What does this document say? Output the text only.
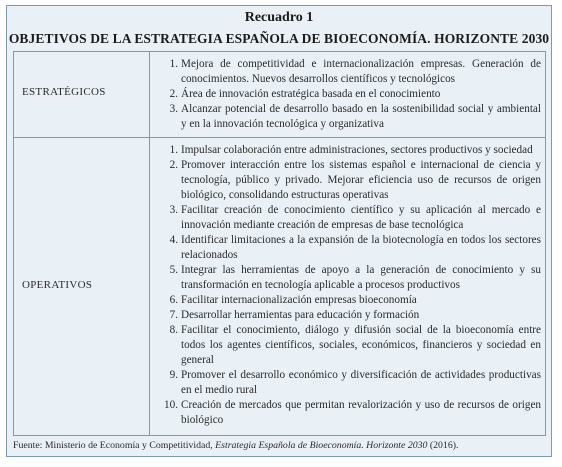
Recuadro 1
OBJETIVOS DE LA ESTRATEGIA ESPAÑOLA DE BIOECONOMÍA. HORIZONTE 2030
ESTRATÉGICOS
1. Mejora de competitividad e internacionalización empresas. Generación de conocimientos. Nuevos desarrollos científicos y tecnológicos
2. Área de innovación estratégica basada en el conocimiento
3. Alcanzar potencial de desarrollo basado en la sostenibilidad social y ambiental y en la innovación tecnológica y organizativa
OPERATIVOS
1. Impulsar colaboración entre administraciones, sectores productivos y sociedad
2. Promover interacción entre los sistemas español e internacional de ciencia y tecnología, público y privado. Mejorar eficiencia uso de recursos de origen biológico, consolidando estructuras operativas
3. Facilitar creación de conocimiento científico y su aplicación al mercado e innovación mediante creación de empresas de base tecnológica
4. Identificar limitaciones a la expansión de la biotecnología en todos los sectores relacionados
5. Integrar las herramientas de apoyo a la generación de conocimiento y su transformación en tecnología aplicable a procesos productivos
6. Facilitar internacionalización empresas bioeconomía
7. Desarrollar herramientas para educación y formación
8. Facilitar el conocimiento, diálogo y difusión social de la bioeconomía entre todos los agentes científicos, sociales, económicos, financieros y sociedad en general
9. Promover el desarrollo económico y diversificación de actividades productivas en el medio rural
10. Creación de mercados que permitan revalorización y uso de recursos de origen biológico
Fuente: Ministerio de Economía y Competitividad, Estrategia Española de Bioeconomía. Horizonte 2030 (2016).
